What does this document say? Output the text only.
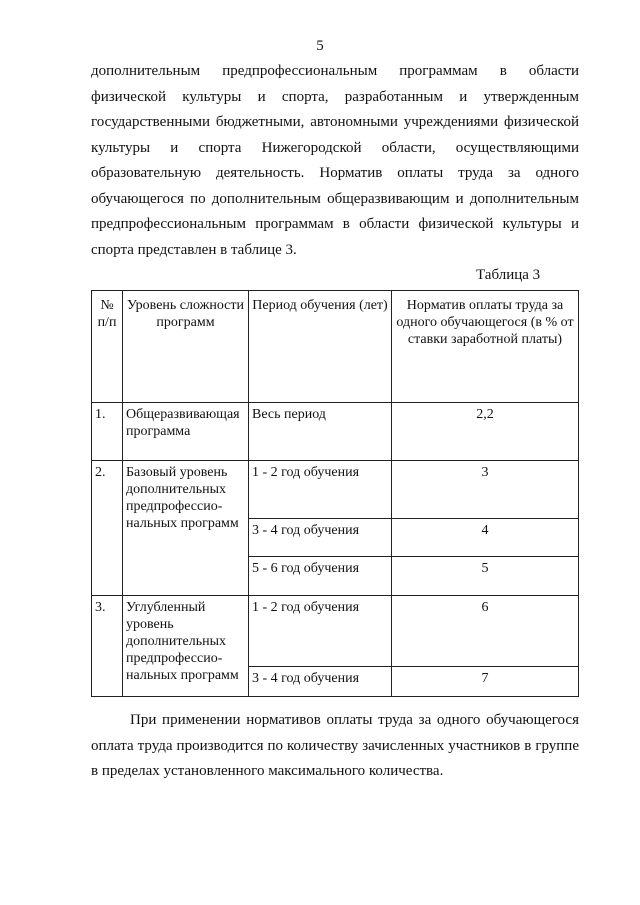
5
дополнительным предпрофессиональным программам в области физической культуры и спорта, разработанным и утвержденным государственными бюджетными, автономными учреждениями физической культуры и спорта Нижегородской области, осуществляющими образовательную деятельность. Норматив оплаты труда за одного обучающегося по дополнительным общеразвивающим и дополнительным предпрофессиональным программам в области физической культуры и спорта представлен в таблице 3.
Таблица 3
№ п/п	Уровень сложности программ	Период обучения (лет)	Норматив оплаты труда за одного обучающегося (в % от ставки заработной платы)
1.	Общеразвивающая программа	Весь период	2,2
2.	Базовый уровень дополнительных предпрофессио-нальных программ	1 - 2 год обучения	3
		3 - 4 год обучения	4
		5 - 6 год обучения	5
3.	Углубленный уровень дополнительных предпрофессио-нальных программ	1 - 2 год обучения	6
		3 - 4 год обучения	7
При применении нормативов оплаты труда за одного обучающегося оплата труда производится по количеству зачисленных участников в группе в пределах установленного максимального количества.
